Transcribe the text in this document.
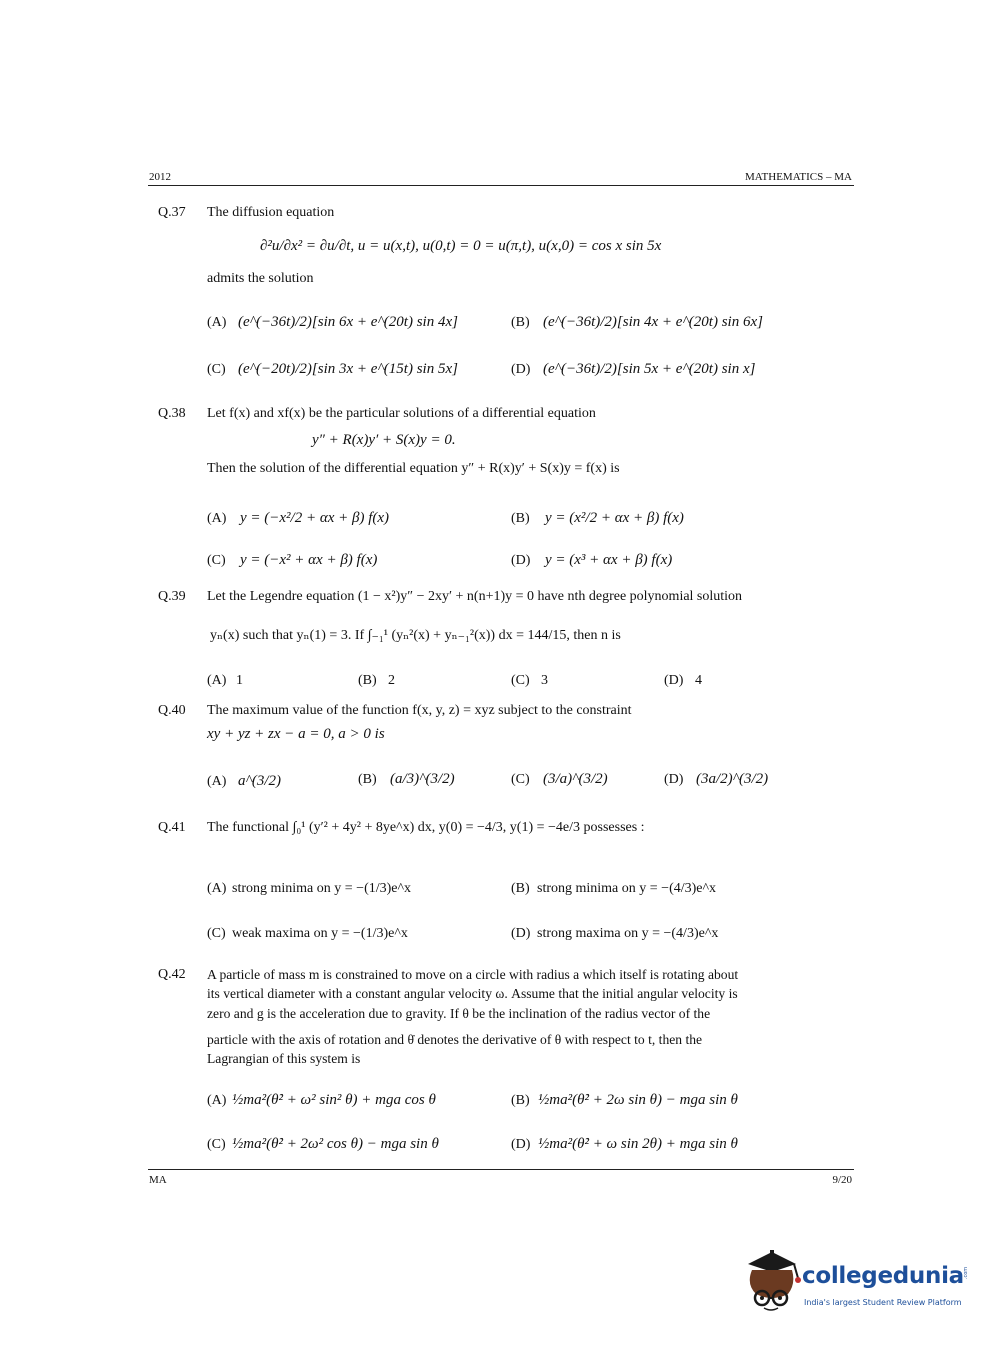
2012	MATHEMATICS – MA
Q.37 The diffusion equation
∂²u/∂x² = ∂u/∂t, u = u(x,t), u(0,t) = 0 = u(π,t), u(x,0) = cos x sin 5x
admits the solution
(A) (e^(−36t)/2)[sin 6x + e^(20t) sin 4x]	(B) (e^(−36t)/2)[sin 4x + e^(20t) sin 6x]
(C) (e^(−20t)/2)[sin 3x + e^(15t) sin 5x]	(D) (e^(−36t)/2)[sin 5x + e^(20t) sin x]
Q.38 Let f(x) and xf(x) be the particular solutions of a differential equation
y″ + R(x)y′ + S(x)y = 0.
Then the solution of the differential equation y″ + R(x)y′ + S(x)y = f(x) is
(A) y = (−x²/2 + αx + β) f(x)	(B) y = (x²/2 + αx + β) f(x)
(C) y = (−x² + αx + β) f(x)	(D) y = (x³ + αx + β) f(x)
Q.39 Let the Legendre equation (1 − x²)y″ − 2xy′ + n(n+1)y = 0 have nth degree polynomial solution
yₙ(x) such that yₙ(1) = 3. If ∫₋₁¹ (yₙ²(x) + yₙ₋₁²(x)) dx = 144/15, then n is
(A) 1	(B) 2	(C) 3	(D) 4
Q.40 The maximum value of the function f(x, y, z) = xyz subject to the constraint
xy + yz + zx − a = 0, a > 0 is
(A) a^(3/2)	(B) (a/3)^(3/2)	(C) (3/a)^(3/2)	(D) (3a/2)^(3/2)
Q.41 The functional ∫₀¹ (y′² + 4y² + 8ye^x) dx, y(0) = −4/3, y(1) = −4e/3 possesses :
(A) strong minima on y = −(1/3)e^x	(B) strong minima on y = −(4/3)e^x
(C) weak maxima on y = −(1/3)e^x	(D) strong maxima on y = −(4/3)e^x
Q.42 A particle of mass m is constrained to move on a circle with radius a which itself is rotating about
its vertical diameter with a constant angular velocity ω. Assume that the initial angular velocity is
zero and g is the acceleration due to gravity. If θ be the inclination of the radius vector of the
particle with the axis of rotation and θ̇ denotes the derivative of θ with respect to t, then the
Lagrangian of this system is
(A) ½ma²(θ̇² + ω² sin² θ) + mga cos θ	(B) ½ma²(θ̇² + 2ω sin θ) − mga sin θ
(C) ½ma²(θ̇² + 2ω² cos θ) − mga sin θ	(D) ½ma²(θ̇² + ω sin 2θ) + mga sin θ
MA	9/20
collegedunia .com
India's largest Student Review Platform
